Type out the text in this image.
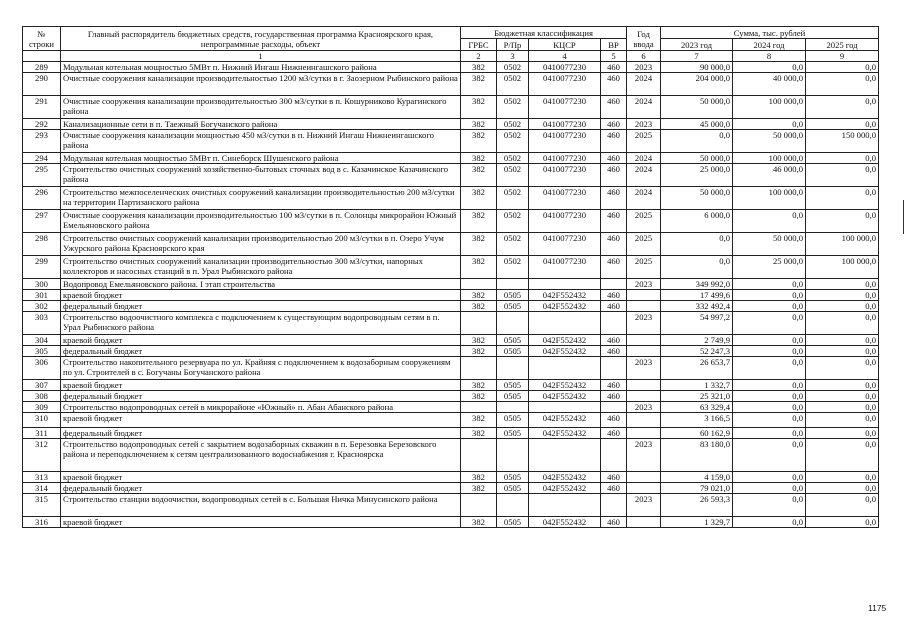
№ строки	Главный распорядитель бюджетных средств, государственная программа Красноярского края, непрограммные расходы, объект	Бюджетная классификация				Год ввода	Сумма, тыс. рублей		
		ГРБС	Р/Пр	КЦСР	ВР		2023 год	2024 год	2025 год
	1	2	3	4	5	6	7	8	9
289	Модульная котельная мощностью 5МВт п. Нижний Ингаш Нижнеингашского района	382	0502	0410077230	460	2023	90 000,0	0,0	0,0
290	Очистные сооружения канализации производительностью 1200 м3/сутки в г. Заозерном Рыбинского района	382	0502	0410077230	460	2024	204 000,0	40 000,0	0,0
291	Очистные сооружения канализации производительностью 300 м3/сутки в п. Кошурниково Курагинского района	382	0502	0410077230	460	2024	50 000,0	100 000,0	0,0
292	Канализационные сети в п. Таежный Богучанского района	382	0502	0410077230	460	2023	45 000,0	0,0	0,0
293	Очистные сооружения канализации мощностью 450 м3/сутки в п. Нижний Ингаш Нижнеингашского района	382	0502	0410077230	460	2025	0,0	50 000,0	150 000,0
294	Модульная котельная мощностью 5МВт п. Синеборск Шушенского района	382	0502	0410077230	460	2024	50 000,0	100 000,0	0,0
295	Строительство очистных сооружений хозяйственно-бытовых сточных вод в с. Казачинское Казачинского района	382	0502	0410077230	460	2024	25 000,0	46 000,0	0,0
296	Строительство межпоселенческих очистных сооружений канализации производительностью 200 м3/сутки на территории Партизанского района	382	0502	0410077230	460	2024	50 000,0	100 000,0	0,0
297	Очистные сооружения канализации производительностью 100 м3/сутки в п. Солонцы микрорайон Южный Емельяновского района	382	0502	0410077230	460	2025	6 000,0	0,0	0,0
298	Строительство очистных сооружений канализации производительностью 200 м3/сутки в п. Озеро Учум Ужурского района Красноярского края	382	0502	0410077230	460	2025	0,0	50 000,0	100 000,0
299	Строительство очистных сооружений канализации производительностью 300 м3/сутки, напорных коллекторов и насосных станций в п. Урал Рыбинского района	382	0502	0410077230	460	2025	0,0	25 000,0	100 000,0
300	Водопровод Емельяновского района. I этап строительства					2023	349 992,0	0,0	0,0
301	краевой бюджет	382	0505	042F552432	460		17 499,6	0,0	0,0
302	федеральный бюджет	382	0505	042F552432	460		332 492,4	0,0	0,0
303	Строительство водоочистного комплекса с подключением к существующим водопроводным сетям в п. Урал Рыбинского района					2023	54 997,2	0,0	0,0
304	краевой бюджет	382	0505	042F552432	460		2 749,9	0,0	0,0
305	федеральный бюджет	382	0505	042F552432	460		52 247,3	0,0	0,0
306	Строительство накопительного резервуара по ул. Крайняя с подключением к водозаборным сооружениям по ул. Строителей в с. Богучаны Богучанского района					2023	26 653,7	0,0	0,0
307	краевой бюджет	382	0505	042F552432	460		1 332,7	0,0	0,0
308	федеральный бюджет	382	0505	042F552432	460		25 321,0	0,0	0,0
309	Строительство водопроводных сетей в микрорайоне «Южный» п. Абан Абанского района					2023	63 329,4	0,0	0,0
310	краевой бюджет	382	0505	042F552432	460		3 166,5	0,0	0,0
311	федеральный бюджет	382	0505	042F552432	460		60 162,9	0,0	0,0
312	Строительство водопроводных сетей с закрытием водозаборных скважин в п. Березовка Березовского района и переподключением к сетям централизованного водоснабжения г. Красноярска					2023	83 180,0	0,0	0,0
313	краевой бюджет	382	0505	042F552432	460		4 159,0	0,0	0,0
314	федеральный бюджет	382	0505	042F552432	460		79 021,0	0,0	0,0
315	Строительство станции водоочистки, водопроводных сетей в с. Большая Ничка Минусинского района					2023	26 593,3	0,0	0,0
316	краевой бюджет	382	0505	042F552432	460		1 329,7	0,0	0,0
1175
